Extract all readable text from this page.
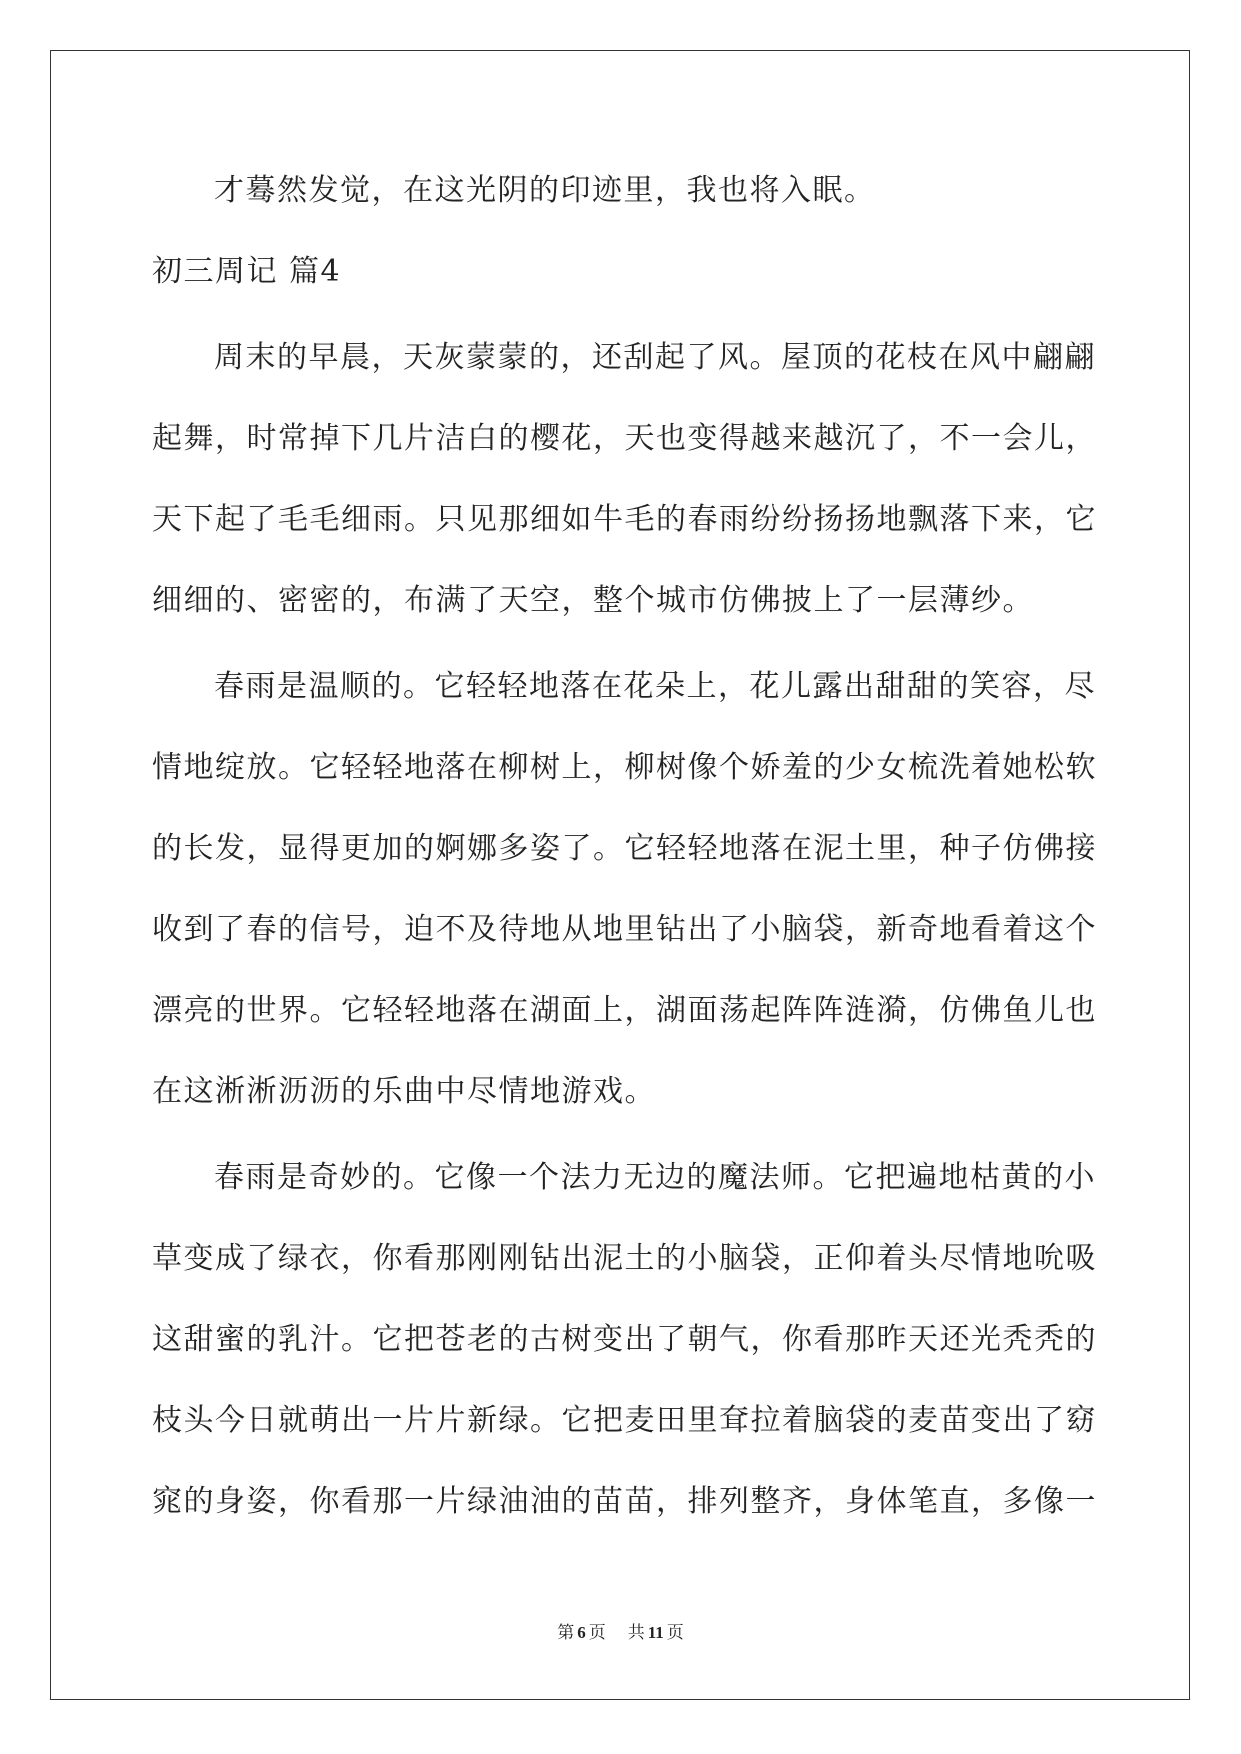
才蓦然发觉，在这光阴的印迹里，我也将入眠。
初三周记 篇4
周末的早晨，天灰蒙蒙的，还刮起了风。屋顶的花枝在风中翩翩
起舞，时常掉下几片洁白的樱花，天也变得越来越沉了，不一会儿，
天下起了毛毛细雨。只见那细如牛毛的春雨纷纷扬扬地飘落下来，它
细细的、密密的，布满了天空，整个城市仿佛披上了一层薄纱。
春雨是温顺的。它轻轻地落在花朵上，花儿露出甜甜的笑容，尽
情地绽放。它轻轻地落在柳树上，柳树像个娇羞的少女梳洗着她松软
的长发，显得更加的婀娜多姿了。它轻轻地落在泥土里，种子仿佛接
收到了春的信号，迫不及待地从地里钻出了小脑袋，新奇地看着这个
漂亮的世界。它轻轻地落在湖面上，湖面荡起阵阵涟漪，仿佛鱼儿也
在这淅淅沥沥的乐曲中尽情地游戏。
春雨是奇妙的。它像一个法力无边的魔法师。它把遍地枯黄的小
草变成了绿衣，你看那刚刚钻出泥土的小脑袋，正仰着头尽情地吮吸
这甜蜜的乳汁。它把苍老的古树变出了朝气，你看那昨天还光秃秃的
枝头今日就萌出一片片新绿。它把麦田里耷拉着脑袋的麦苗变出了窈
窕的身姿，你看那一片绿油油的苗苗，排列整齐，身体笔直，多像一
第 6 页 共 11 页
